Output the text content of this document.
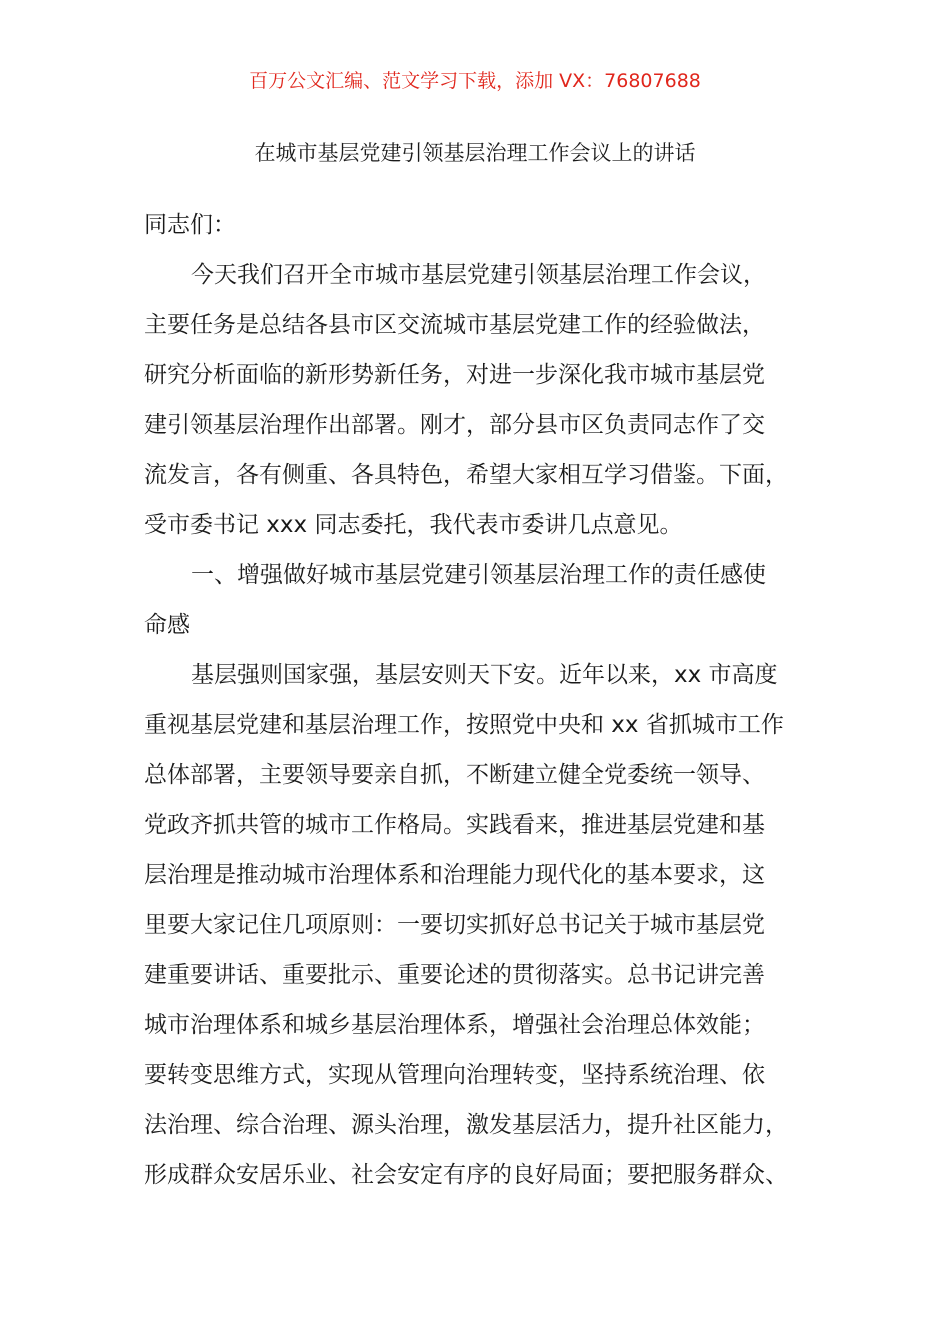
百万公文汇编、范文学习下载，添加 VX：76807688
在城市基层党建引领基层治理工作会议上的讲话
同志们：
今天我们召开全市城市基层党建引领基层治理工作会议，
主要任务是总结各县市区交流城市基层党建工作的经验做法，
研究分析面临的新形势新任务，对进一步深化我市城市基层党
建引领基层治理作出部署。刚才，部分县市区负责同志作了交
流发言，各有侧重、各具特色，希望大家相互学习借鉴。下面，
受市委书记 xxx 同志委托，我代表市委讲几点意见。
一、增强做好城市基层党建引领基层治理工作的责任感使
命感
基层强则国家强，基层安则天下安。近年以来，xx 市高度
重视基层党建和基层治理工作，按照党中央和 xx 省抓城市工作
总体部署，主要领导要亲自抓，不断建立健全党委统一领导、
党政齐抓共管的城市工作格局。实践看来，推进基层党建和基
层治理是推动城市治理体系和治理能力现代化的基本要求，这
里要大家记住几项原则：一要切实抓好总书记关于城市基层党
建重要讲话、重要批示、重要论述的贯彻落实。总书记讲完善
城市治理体系和城乡基层治理体系，增强社会治理总体效能；
要转变思维方式，实现从管理向治理转变，坚持系统治理、依
法治理、综合治理、源头治理，激发基层活力，提升社区能力，
形成群众安居乐业、社会安定有序的良好局面；要把服务群众、
